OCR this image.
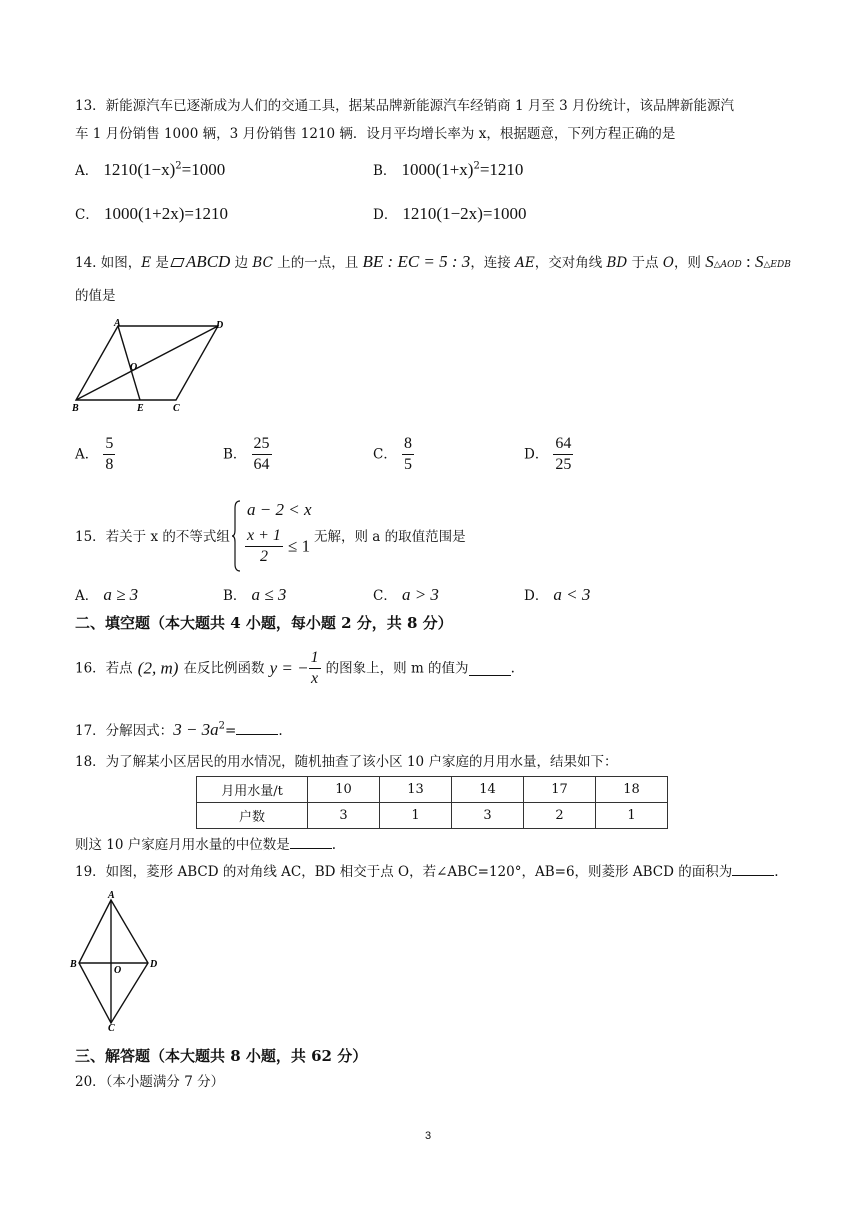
13．新能源汽车已逐渐成为人们的交通工具，据某品牌新能源汽车经销商 1 月至 3 月份统计，该品牌新能源汽
车 1 月份销售 1000 辆，3 月份销售 1210 辆．设月平均增长率为 x，根据题意，下列方程正确的是
A． $1210(1-x)^2=1000$	B． $1000(1+x)^2=1210$
C． 1000(1+2x)=1210	D． 1210(1−2x)=1000
14. 如图，E 是 ABCD 边 BC 上的一点，且 BE : EC = 5 : 3，连接 AE，交对角线 BD 于点 O，则 S△AOD : S△EDB
的值是
A	D
O
B	E	C
A． $\frac{5}{8}$	B． $\frac{25}{64}$	C． $\frac{8}{5}$	D． $\frac{64}{25}$
15．若关于 x 的不等式组
a − 2 < x
$\frac{x + 1}{2} \le 1$ 无解，则 a 的取值范围是
A． a ≥ 3	B． a ≤ 3	C． a > 3	D． a < 3
二、填空题（本大题共 4 小题，每小题 2 分，共 8 分）
16．若点 (2, m) 在反比例函数 y = − $\frac{1}{x}$ 的图象上，则 m 的值为	.
17．分解因式：$3 - 3a^2=$	.
18．为了解某小区居民的用水情况，随机抽查了该小区 10 户家庭的月用水量，结果如下：
月用水量/t	10	13	14	17	18
户数	3	1	3	2	1
则这 10 户家庭月用水量的中位数是	.
19．如图，菱形 ABCD 的对角线 AC，BD 相交于点 O，若∠ABC=120°，AB=6，则菱形 ABCD 的面积为	.
A
B
O
D
C
三、解答题（本大题共 8 小题，共 62 分）
20．（本小题满分 7 分）
3
